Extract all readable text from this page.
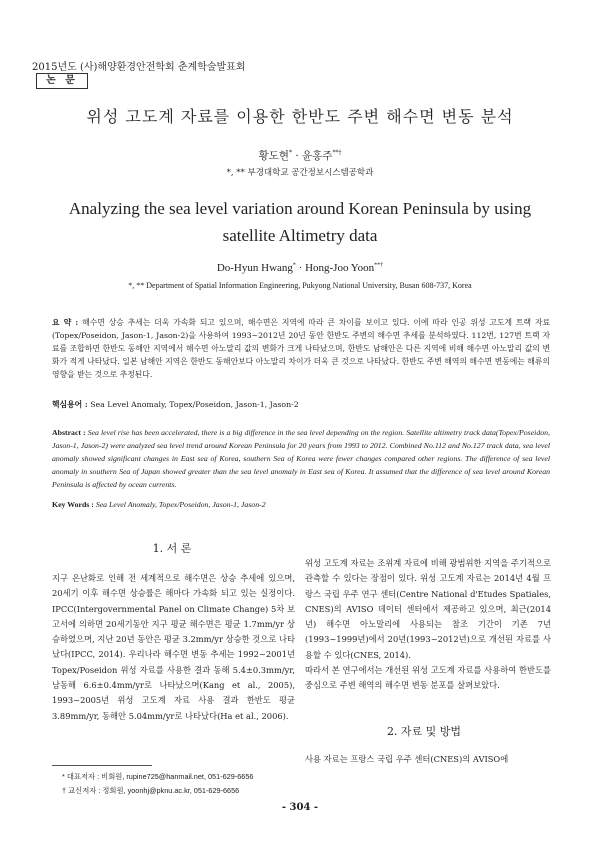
2015년도 (사)해양환경안전학회 춘계학술발표회
논 문
위성 고도계 자료를 이용한 한반도 주변 해수면 변동 분석
황도현* · 윤홍주**†
*, ** 부경대학교 공간정보시스템공학과
Analyzing the sea level variation around Korean Peninsula by using satellite Altimetry data
Do-Hyun Hwang* · Hong-Joo Yoon**†
*, ** Department of Spatial Information Engineering, Pukyong National University, Busan 608-737, Korea
요 약 : 해수면 상승 추세는 더욱 가속화 되고 있으며, 해수면은 지역에 따라 큰 차이를 보이고 있다. 이에 따라 인공 위성 고도계 트랙 자료(Topex/Poseidon, Jason-1, Jason-2)을 사용하여 1993~2012년 20년 동안 한반도 주변의 해수면 추세를 분석하였다. 112번, 127번 트랙 자료를 조합하면 한반도 동해안 지역에서 해수면 아노말리 값의 변화가 크게 나타났으며, 한반도 남해안은 다른 지역에 비해 해수면 아노말리 값의 변화가 적게 나타났다. 일본 남해안 지역은 한반도 동해안보다 아노말리 차이가 더욱 큰 것으로 나타났다. 한반도 주변 해역의 해수면 변동에는 해류의 영향을 받는 것으로 추정된다.
핵심용어 : Sea Level Anomaly, Topex/Poseidon, Jason-1, Jason-2
Abstract : Sea level rise has been accelerated, there is a big difference in the sea level depending on the region. Satellite altimetry track data(Topex/Poseidon, Jason-1, Jason-2) were analyzed sea level trend around Korean Peninsula for 20 years from 1993 to 2012. Combined No.112 and No.127 track data, sea level anomaly showed significant changes in East sea of Korea, southern Sea of Korea were fewer changes compared other regions. The difference of sea level anomaly in southern Sea of Japan showed greater than the sea level anomaly in East sea of Korea. It assumed that the difference of sea level around Korean Peninsula is affected by ocean currents.
Key Words : Sea Level Anomaly, Topex/Poseidon, Jason-1, Jason-2
1. 서 론
지구 온난화로 인해 전 세계적으로 해수면은 상승 추세에 있으며, 20세기 이후 해수면 상승률은 해마다 가속화 되고 있는 실정이다. IPCC(Intergovernmental Panel on Climate Change) 5차 보고서에 의하면 20세기동안 지구 평균 해수면은 평균 1.7mm/yr 상승하였으며, 지난 20년 동안은 평균 3.2mm/yr 상승한 것으로 나타났다(IPCC, 2014). 우리나라 해수면 변동 추세는 1992~2001년 Topex/Poseidon 위성 자료를 사용한 결과 동해 5.4±0.3mm/yr, 남동해 6.6±0.4mm/yr로 나타났으며(Kang et al., 2005), 1993~2005년 위성 고도계 자료 사용 결과 한반도 평균 3.89mm/yr, 동해안 5.04mm/yr로 나타났다(Ha et al., 2006).
위성 고도계 자료는 조위계 자료에 비해 광범위한 지역을 주기적으로 관측할 수 있다는 장점이 있다. 위성 고도계 자료는 2014년 4월 프랑스 국립 우주 연구 센터(Centre National d'Etudes Spatiales, CNES)의 AVISO 데이터 센터에서 제공하고 있으며, 최근(2014년) 해수면 아노말리에 사용되는 참조 기간이 기존 7년(1993~1999년)에서 20년(1993~2012년)으로 개선된 자료를 사용할 수 있다(CNES, 2014).
따라서 본 연구에서는 개선된 위성 고도계 자료를 사용하여 한반도를 중심으로 주변 해역의 해수면 변동 분포를 살펴보았다.
2. 자료 및 방법
사용 자료는 프랑스 국립 우주 센터(CNES)의 AVISO에
* 대표저자 : 비회원, rupine725@hanmail.net, 051-629-6656
† 교신저자 : 정회원, yoonhj@pknu.ac.kr, 051-629-6656
- 304 -
